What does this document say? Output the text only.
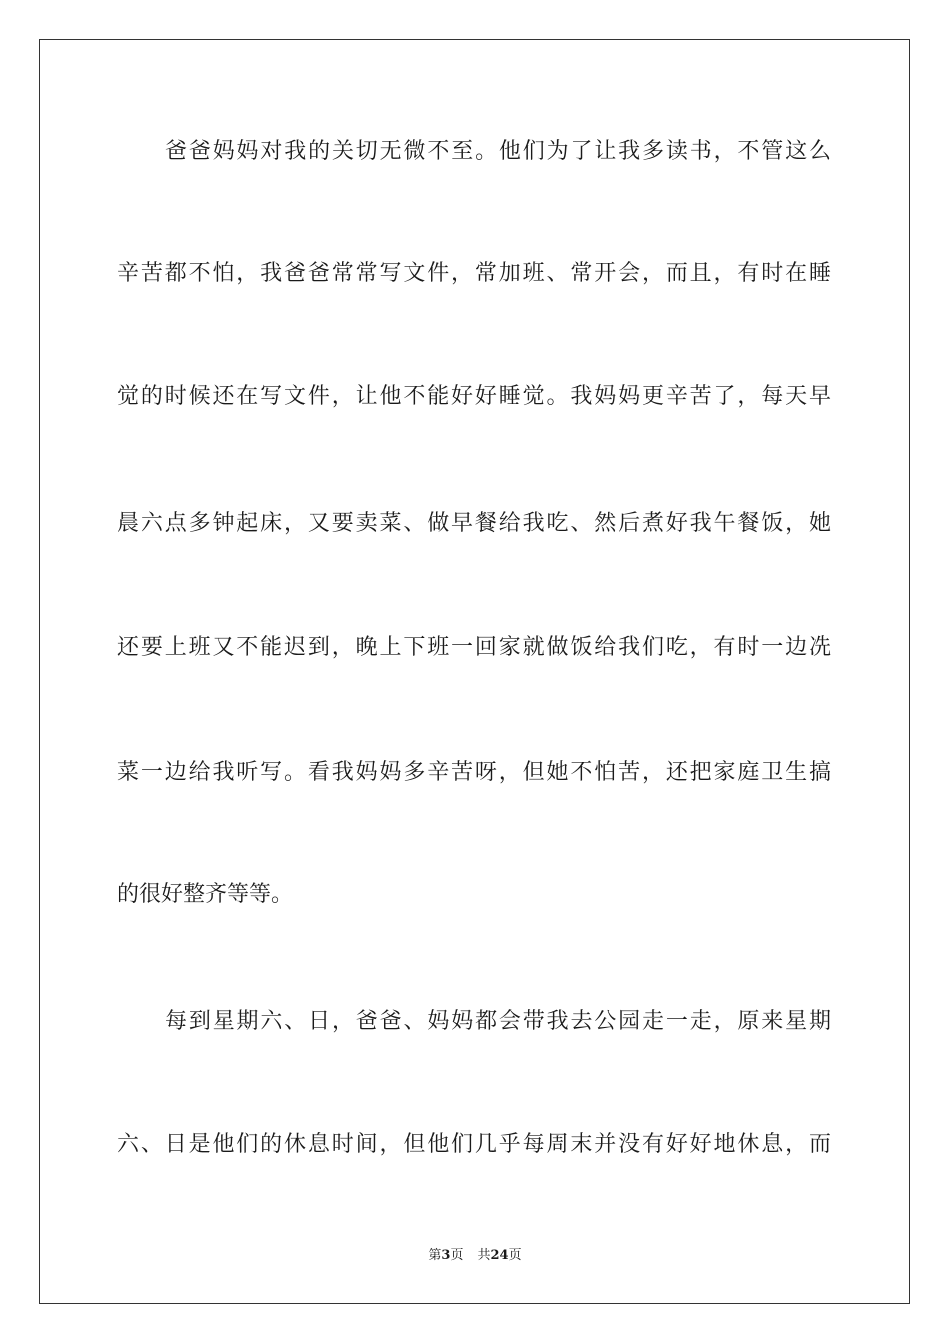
爸爸妈妈对我的关切无微不至。他们为了让我多读书，不管这么
辛苦都不怕，我爸爸常常写文件，常加班、常开会，而且，有时在睡
觉的时候还在写文件，让他不能好好睡觉。我妈妈更辛苦了，每天早
晨六点多钟起床，又要卖菜、做早餐给我吃、然后煮好我午餐饭，她
还要上班又不能迟到，晚上下班一回家就做饭给我们吃，有时一边冼
菜一边给我听写。看我妈妈多辛苦呀，但她不怕苦，还把家庭卫生搞
的很好整齐等等。
每到星期六、日，爸爸、妈妈都会带我去公园走一走，原来星期
六、日是他们的休息时间，但他们几乎每周末并没有好好地休息，而
第3页 共24页
